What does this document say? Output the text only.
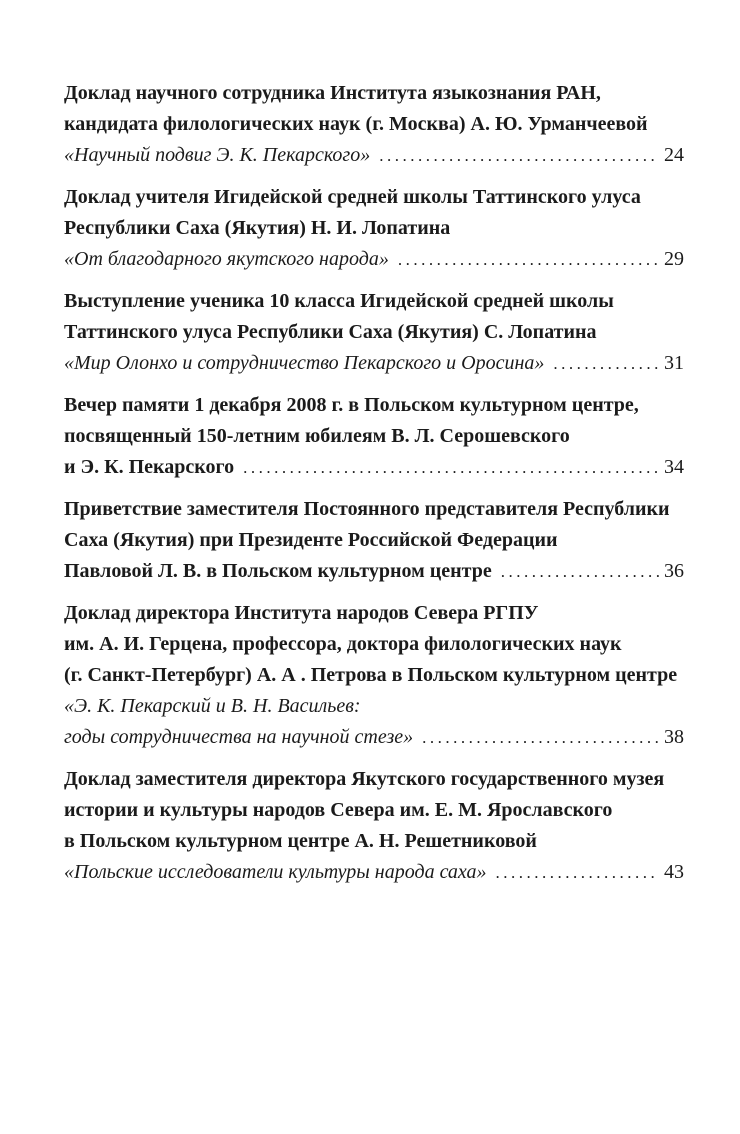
Доклад научного сотрудника Института языкознания РАН,
кандидата филологических наук (г. Москва) А. Ю. Урманчеевой
«Научный подвиг Э. К. Пекарского» .....	24
Доклад учителя Игидейской средней школы Таттинского улуса
Республики Саха (Якутия) Н. И. Лопатина
«От благодарного якутского народа» .....	29
Выступление ученика 10 класса Игидейской средней школы
Таттинского улуса Республики Саха (Якутия) С. Лопатина
«Мир Олонхо и сотрудничество Пекарского и Оросина» .....	31
Вечер памяти 1 декабря 2008 г. в Польском культурном центре,
посвященный 150-летним юбилеям В. Л. Серошевского
и Э. К. Пекарского .....	34
Приветствие заместителя Постоянного представителя Республики
Саха (Якутия) при Президенте Российской Федерации
Павловой Л. В. в Польском культурном центре .....	36
Доклад директора Института народов Севера РГПУ
им. А. И. Герцена, профессора, доктора филологических наук
(г. Санкт-Петербург) А. А . Петрова в Польском культурном центре
«Э. К. Пекарский и В. Н. Васильев:
годы сотрудничества на научной стезе» .....	38
Доклад заместителя директора Якутского государственного музея
истории и культуры народов Севера им. Е. М. Ярославского
в Польском культурном центре А. Н. Решетниковой
«Польские исследователи культуры народа саха» .....	43
